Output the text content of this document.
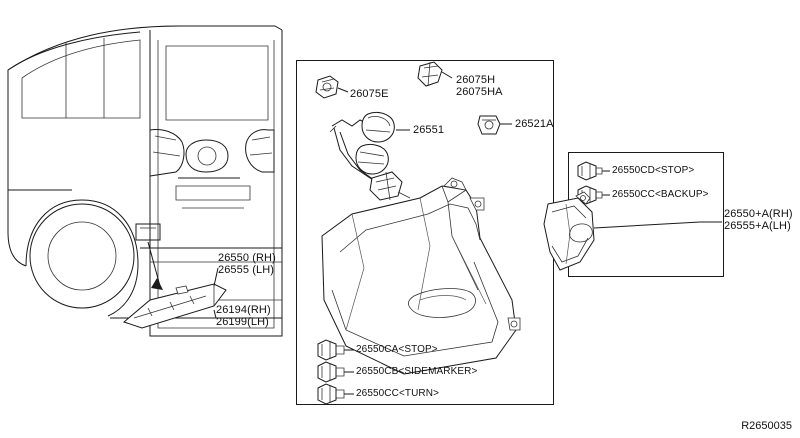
26075E
26075H
26075HA
26551	26521A
26550 (RH)
26555 (LH)
26194(RH)
26199(LH)
26550CA<STOP>
26550CB<SIDEMARKER>
26550CC<TURN>
26550CD<STOP>
26550CC<BACKUP>
26550+A(RH)
26555+A(LH)
R2650035
